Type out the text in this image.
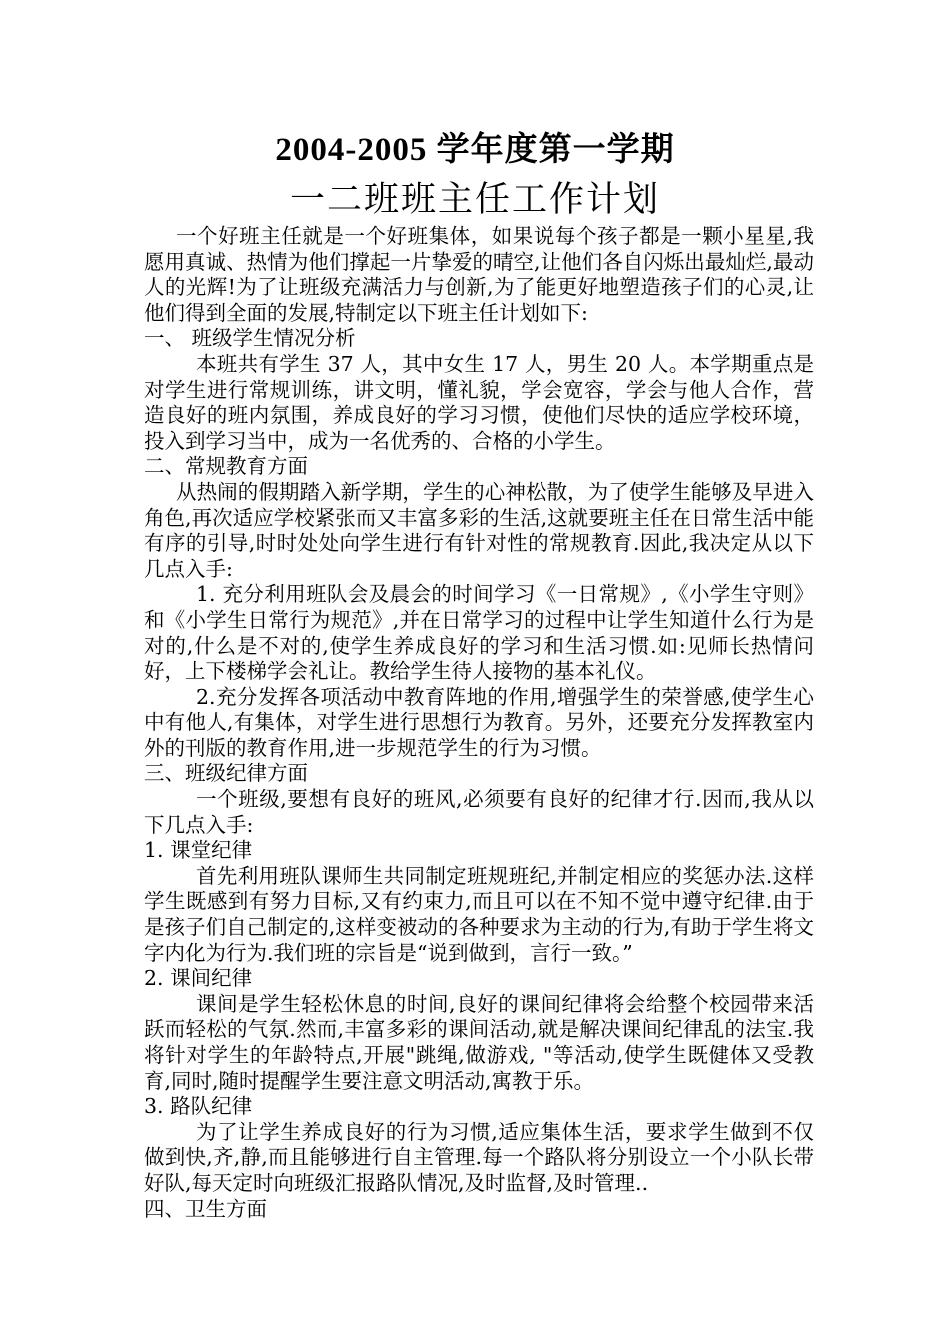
2004-2005 学年度第一学期
一二班班主任工作计划

一个好班主任就是一个好班集体，如果说每个孩子都是一颗小星星,我愿用真诚、热情为他们撑起一片挚爱的晴空,让他们各自闪烁出最灿烂,最动人的光辉!为了让班级充满活力与创新,为了能更好地塑造孩子们的心灵,让他们得到全面的发展,特制定以下班主任计划如下:

一、 班级学生情况分析

本班共有学生 37 人，其中女生 17 人，男生 20 人。本学期重点是对学生进行常规训练，讲文明，懂礼貌，学会宽容，学会与他人合作，营造良好的班内氛围，养成良好的学习习惯，使他们尽快的适应学校环境，投入到学习当中，成为一名优秀的、合格的小学生。

二、常规教育方面

从热闹的假期踏入新学期，学生的心神松散，为了使学生能够及早进入角色,再次适应学校紧张而又丰富多彩的生活,这就要班主任在日常生活中能有序的引导,时时处处向学生进行有针对性的常规教育.因此,我决定从以下几点入手:

1. 充分利用班队会及晨会的时间学习《一日常规》,《小学生守则》和《小学生日常行为规范》,并在日常学习的过程中让学生知道什么行为是对的,什么是不对的,使学生养成良好的学习和生活习惯.如:见师长热情问好，上下楼梯学会礼让。教给学生待人接物的基本礼仪。

2.充分发挥各项活动中教育阵地的作用,增强学生的荣誉感,使学生心中有他人,有集体，对学生进行思想行为教育。另外，还要充分发挥教室内外的刊版的教育作用,进一步规范学生的行为习惯。

三、班级纪律方面

一个班级,要想有良好的班风,必须要有良好的纪律才行.因而,我从以下几点入手:

1. 课堂纪律

首先利用班队课师生共同制定班规班纪,并制定相应的奖惩办法.这样学生既感到有努力目标,又有约束力,而且可以在不知不觉中遵守纪律.由于是孩子们自己制定的,这样变被动的各种要求为主动的行为,有助于学生将文字内化为行为.我们班的宗旨是“说到做到，言行一致。”

2. 课间纪律

课间是学生轻松休息的时间,良好的课间纪律将会给整个校园带来活跃而轻松的气氛.然而,丰富多彩的课间活动,就是解决课间纪律乱的法宝.我将针对学生的年龄特点,开展"跳绳,做游戏, "等活动,使学生既健体又受教育,同时,随时提醒学生要注意文明活动,寓教于乐。

3. 路队纪律

为了让学生养成良好的行为习惯,适应集体生活，要求学生做到不仅做到快,齐,静,而且能够进行自主管理.每一个路队将分别设立一个小队长带好队,每天定时向班级汇报路队情况,及时监督,及时管理..

四、卫生方面
